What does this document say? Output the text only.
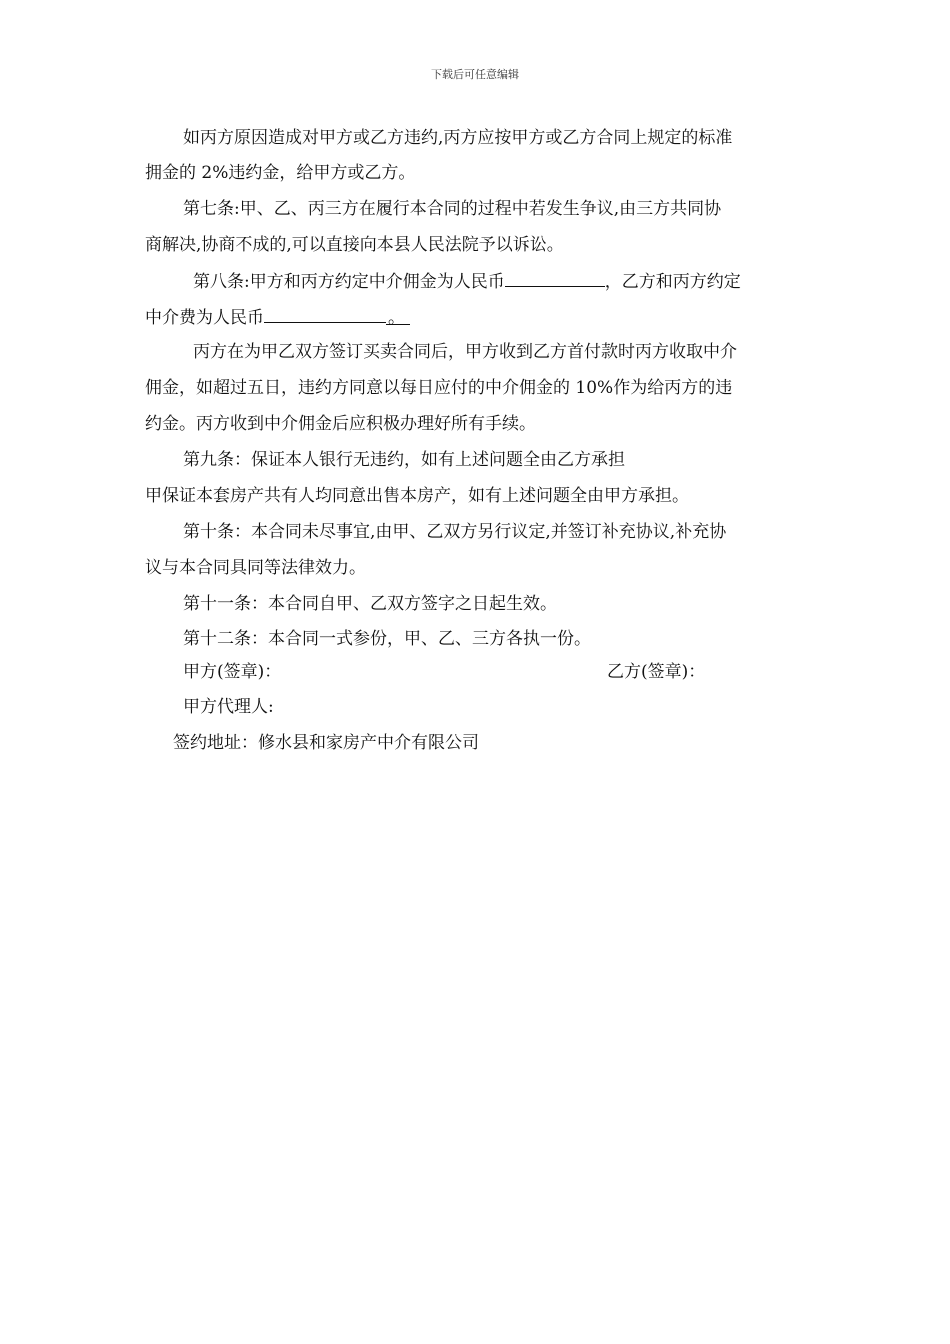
下载后可任意编辑
如丙方原因造成对甲方或乙方违约,丙方应按甲方或乙方合同上规定的标准
拥金的 2%违约金，给甲方或乙方。
第七条:甲、乙、丙三方在履行本合同的过程中若发生争议,由三方共同协
商解决,协商不成的,可以直接向本县人民法院予以诉讼。
第八条:甲方和丙方约定中介佣金为人民币	，乙方和丙方约定
中介费为人民币	。
丙方在为甲乙双方签订买卖合同后，甲方收到乙方首付款时丙方收取中介
佣金，如超过五日，违约方同意以每日应付的中介佣金的 10%作为给丙方的违
约金。丙方收到中介佣金后应积极办理好所有手续。
第九条：保证本人银行无违约，如有上述问题全由乙方承担
甲保证本套房产共有人均同意出售本房产，如有上述问题全由甲方承担。
第十条：本合同未尽事宜,由甲、乙双方另行议定,并签订补充协议,补充协
议与本合同具同等法律效力。
第十一条：本合同自甲、乙双方签字之日起生效。
第十二条：本合同一式参份，甲、乙、三方各执一份。
甲方(签章)：	乙方(签章)：
甲方代理人:
签约地址：修水县和家房产中介有限公司
